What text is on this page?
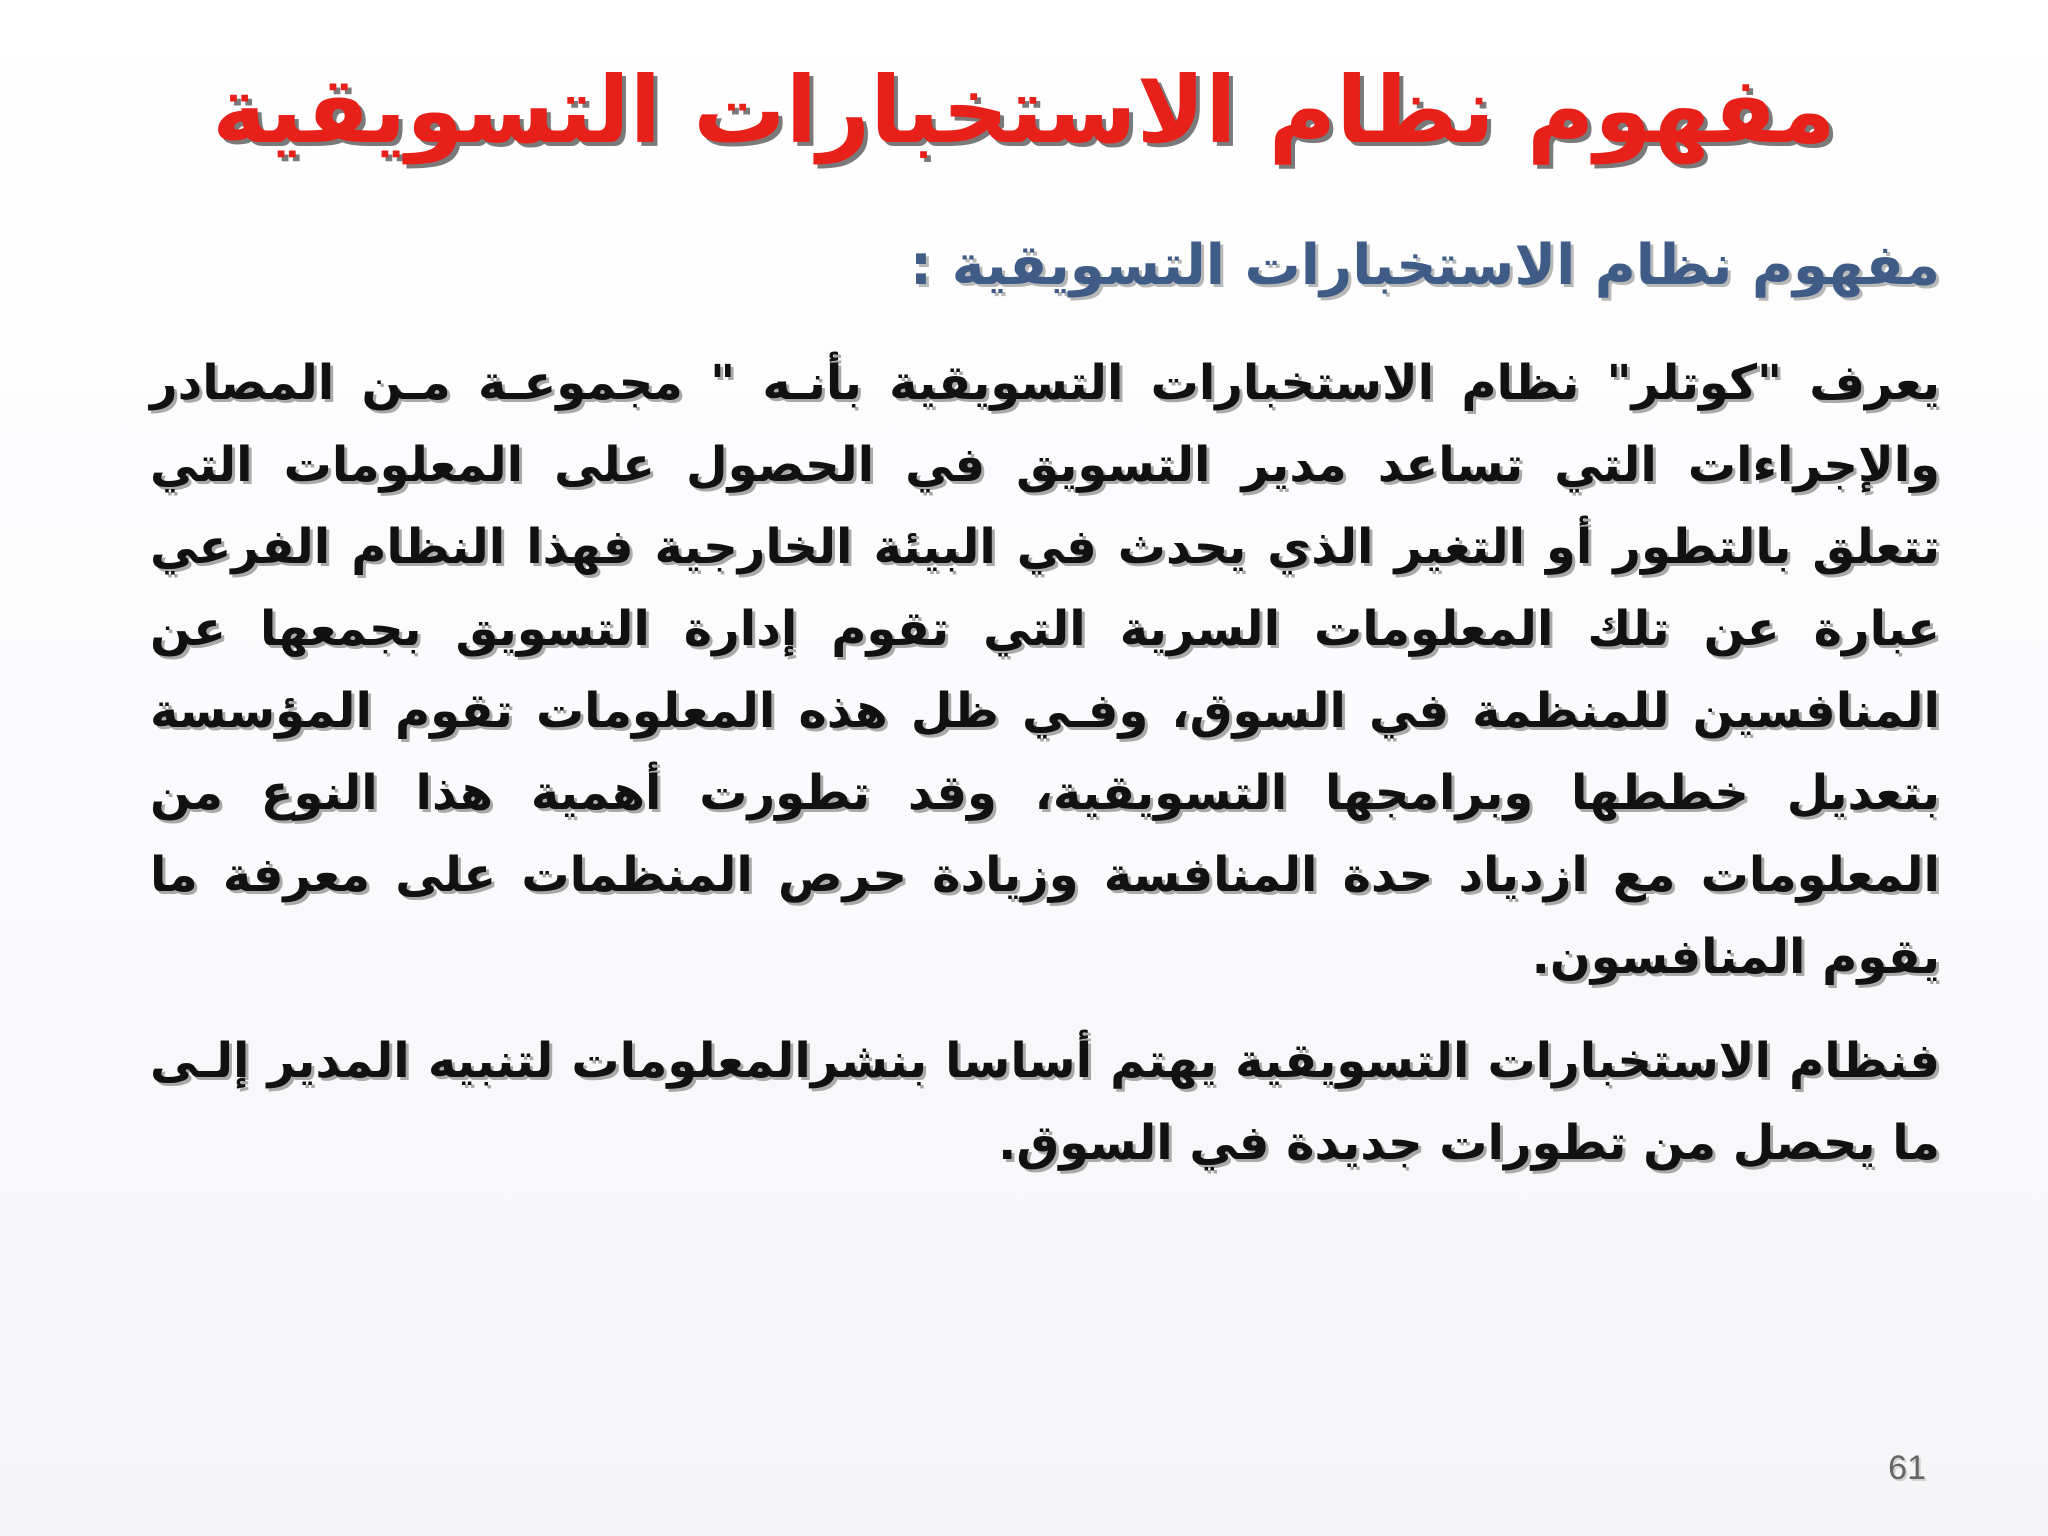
مفهوم نظام الاستخبارات التسويقية
مفهوم نظام الاستخبارات التسويقية :
يعرف "كوتلر" نظام الاستخبارات التسويقية بأنـه " مجموعـة مـن المصادر والإجراءات التي تساعد مدير التسويق في الحصول على المعلومات التي تتعلق بالتطور أو التغير الذي يحدث في البيئة الخارجية فهذا النظام الفرعي عبارة عن تلك المعلومات السرية التي تقوم إدارة التسويق بجمعها عن المنافسين للمنظمة في السوق، وفـي ظل هذه المعلومات تقوم المؤسسة بتعديل خططها وبرامجها التسويقية، وقد تطورت أهمية هذا النوع من المعلومات مع ازدياد حدة المنافسة وزيادة حرص المنظمات على معرفة ما يقوم المنافسون.
فنظام الاستخبارات التسويقية يهتم أساسا بنشرالمعلومات لتنبيه المدير إلـى ما يحصل من تطورات جديدة في السوق.
61
